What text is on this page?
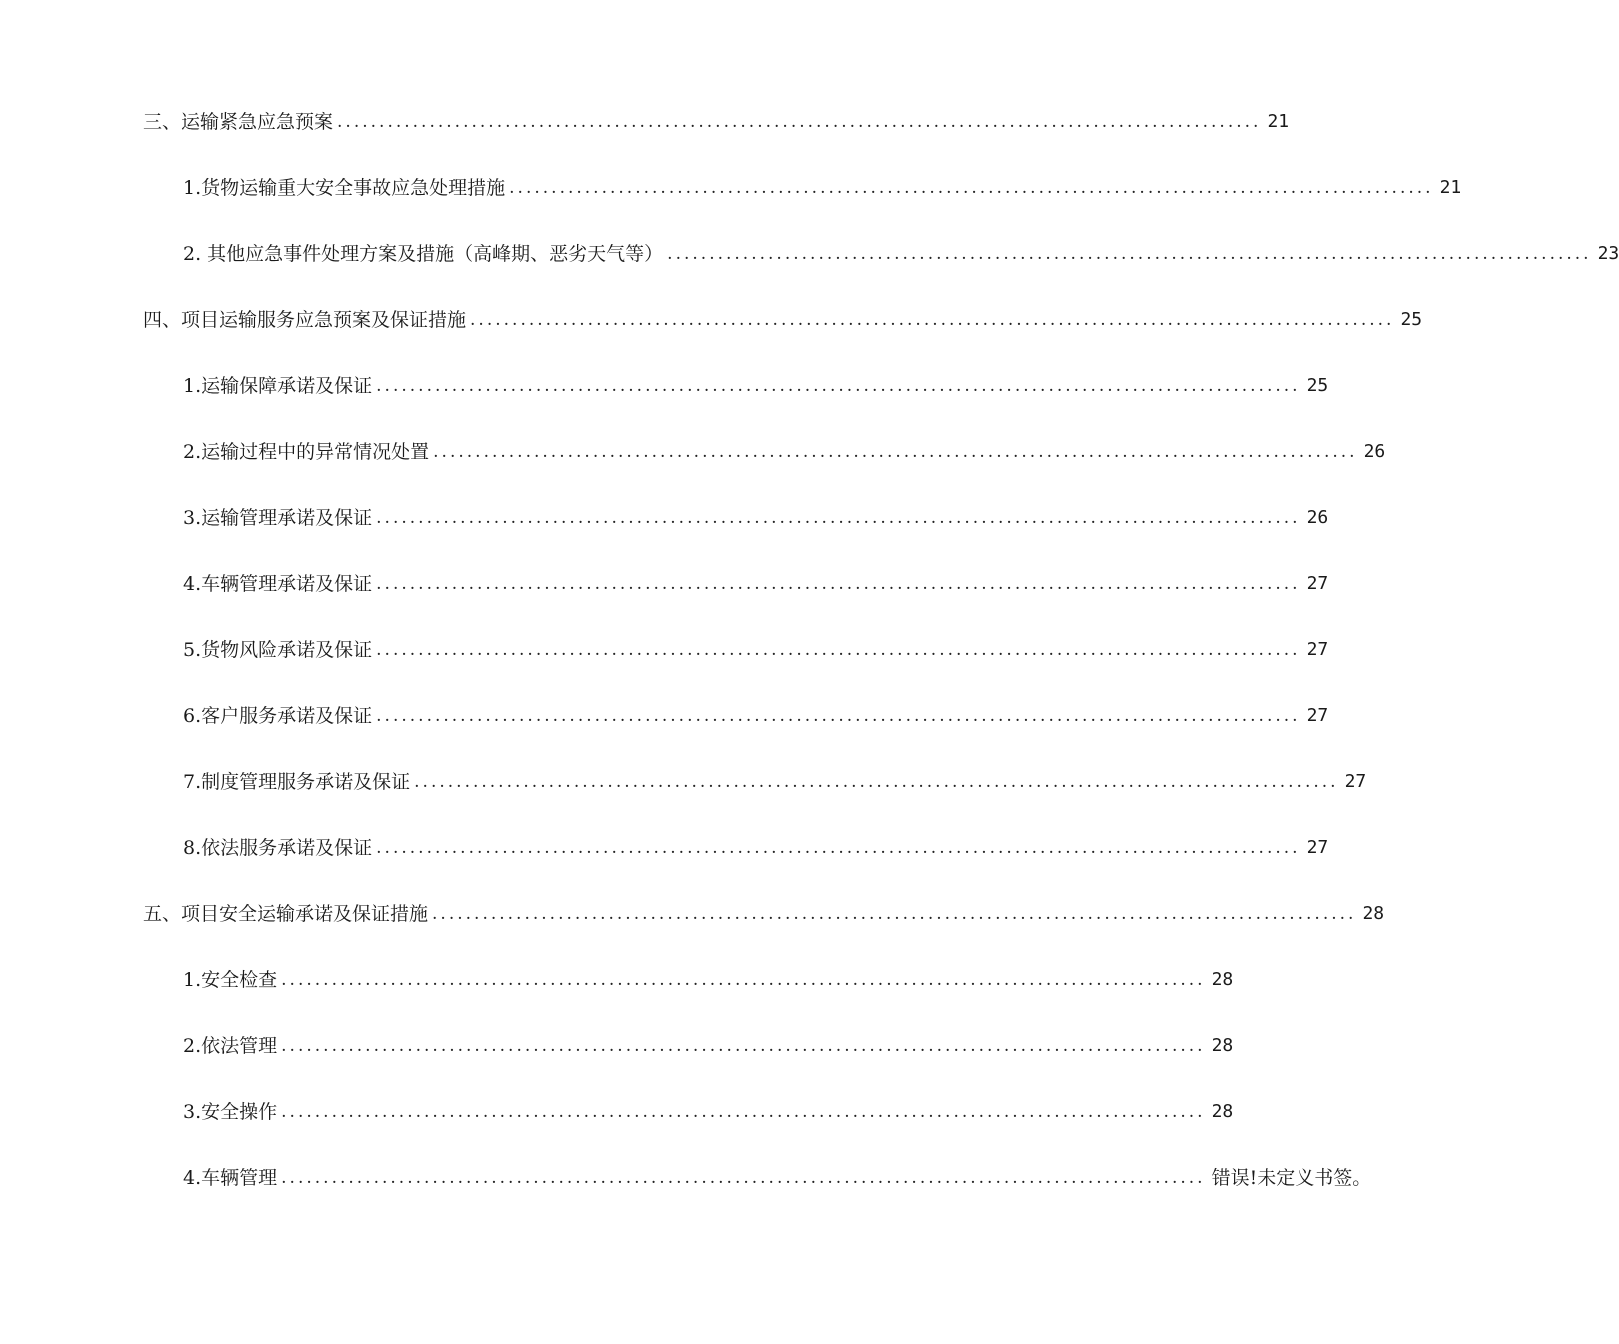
三、运输紧急应急预案 .............................................................................................................. 21
1.货物运输重大安全事故应急处理措施 .............................................................................................................. 21
2. 其他应急事件处理方案及措施（高峰期、恶劣天气等） .............................................................................................................. 23
四、项目运输服务应急预案及保证措施 .............................................................................................................. 25
1.运输保障承诺及保证 .............................................................................................................. 25
2.运输过程中的异常情况处置 .............................................................................................................. 26
3.运输管理承诺及保证 .............................................................................................................. 26
4.车辆管理承诺及保证 .............................................................................................................. 27
5.货物风险承诺及保证 .............................................................................................................. 27
6.客户服务承诺及保证 .............................................................................................................. 27
7.制度管理服务承诺及保证 .............................................................................................................. 27
8.依法服务承诺及保证 .............................................................................................................. 27
五、项目安全运输承诺及保证措施 .............................................................................................................. 28
1.安全检查 .............................................................................................................. 28
2.依法管理 .............................................................................................................. 28
3.安全操作 .............................................................................................................. 28
4.车辆管理 .............................................................................................................. 错误!未定义书签。
